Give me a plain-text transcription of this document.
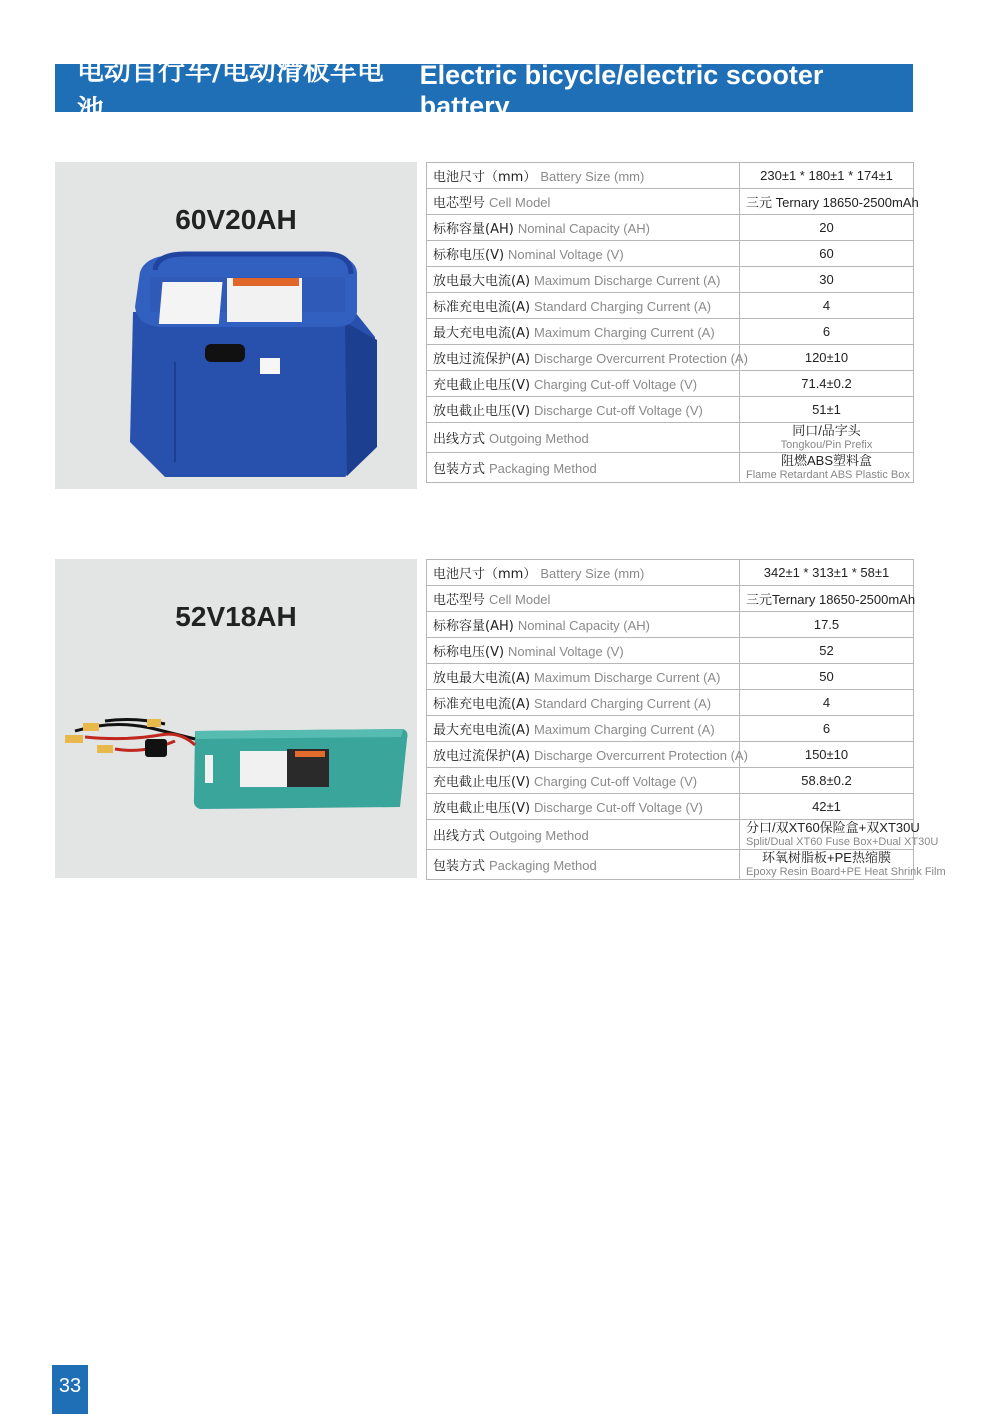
电动自行车/电动滑板车电池
Electric bicycle/electric scooter battery
60V20AH
电池尺寸（mm） Battery Size (mm)	230±1 * 180±1 * 174±1
电芯型号 Cell Model	三元 Ternary 18650-2500mAh
标称容量(AH) Nominal Capacity (AH)	20
标称电压(V) Nominal Voltage (V)	60
放电最大电流(A) Maximum Discharge Current (A)	30
标准充电电流(A) Standard Charging Current (A)	4
最大充电电流(A) Maximum Charging Current (A)	6
放电过流保护(A) Discharge Overcurrent Protection (A)	120±10
充电截止电压(V) Charging Cut-off Voltage (V)	71.4±0.2
放电截止电压(V) Discharge Cut-off Voltage (V)	51±1
出线方式 Outgoing Method	同口/品字头
Tongkou/Pin Prefix

包装方式 Packaging Method	阻燃ABS塑料盒
Flame Retardant ABS Plastic Box
52V18AH
电池尺寸（mm） Battery Size (mm)	342±1 * 313±1 * 58±1
电芯型号 Cell Model	三元Ternary 18650-2500mAh
标称容量(AH) Nominal Capacity (AH)	17.5
标称电压(V) Nominal Voltage (V)	52
放电最大电流(A) Maximum Discharge Current (A)	50
标准充电电流(A) Standard Charging Current (A)	4
最大充电电流(A) Maximum Charging Current (A)	6
放电过流保护(A) Discharge Overcurrent Protection (A)	150±10
充电截止电压(V) Charging Cut-off Voltage (V)	58.8±0.2
放电截止电压(V) Discharge Cut-off Voltage (V)	42±1
出线方式 Outgoing Method	分口/双XT60保险盒+双XT30U
Split/Dual XT60 Fuse Box+Dual XT30U

包装方式 Packaging Method	环氧树脂板+PE热缩膜
Epoxy Resin Board+PE Heat Shrink Film
33
